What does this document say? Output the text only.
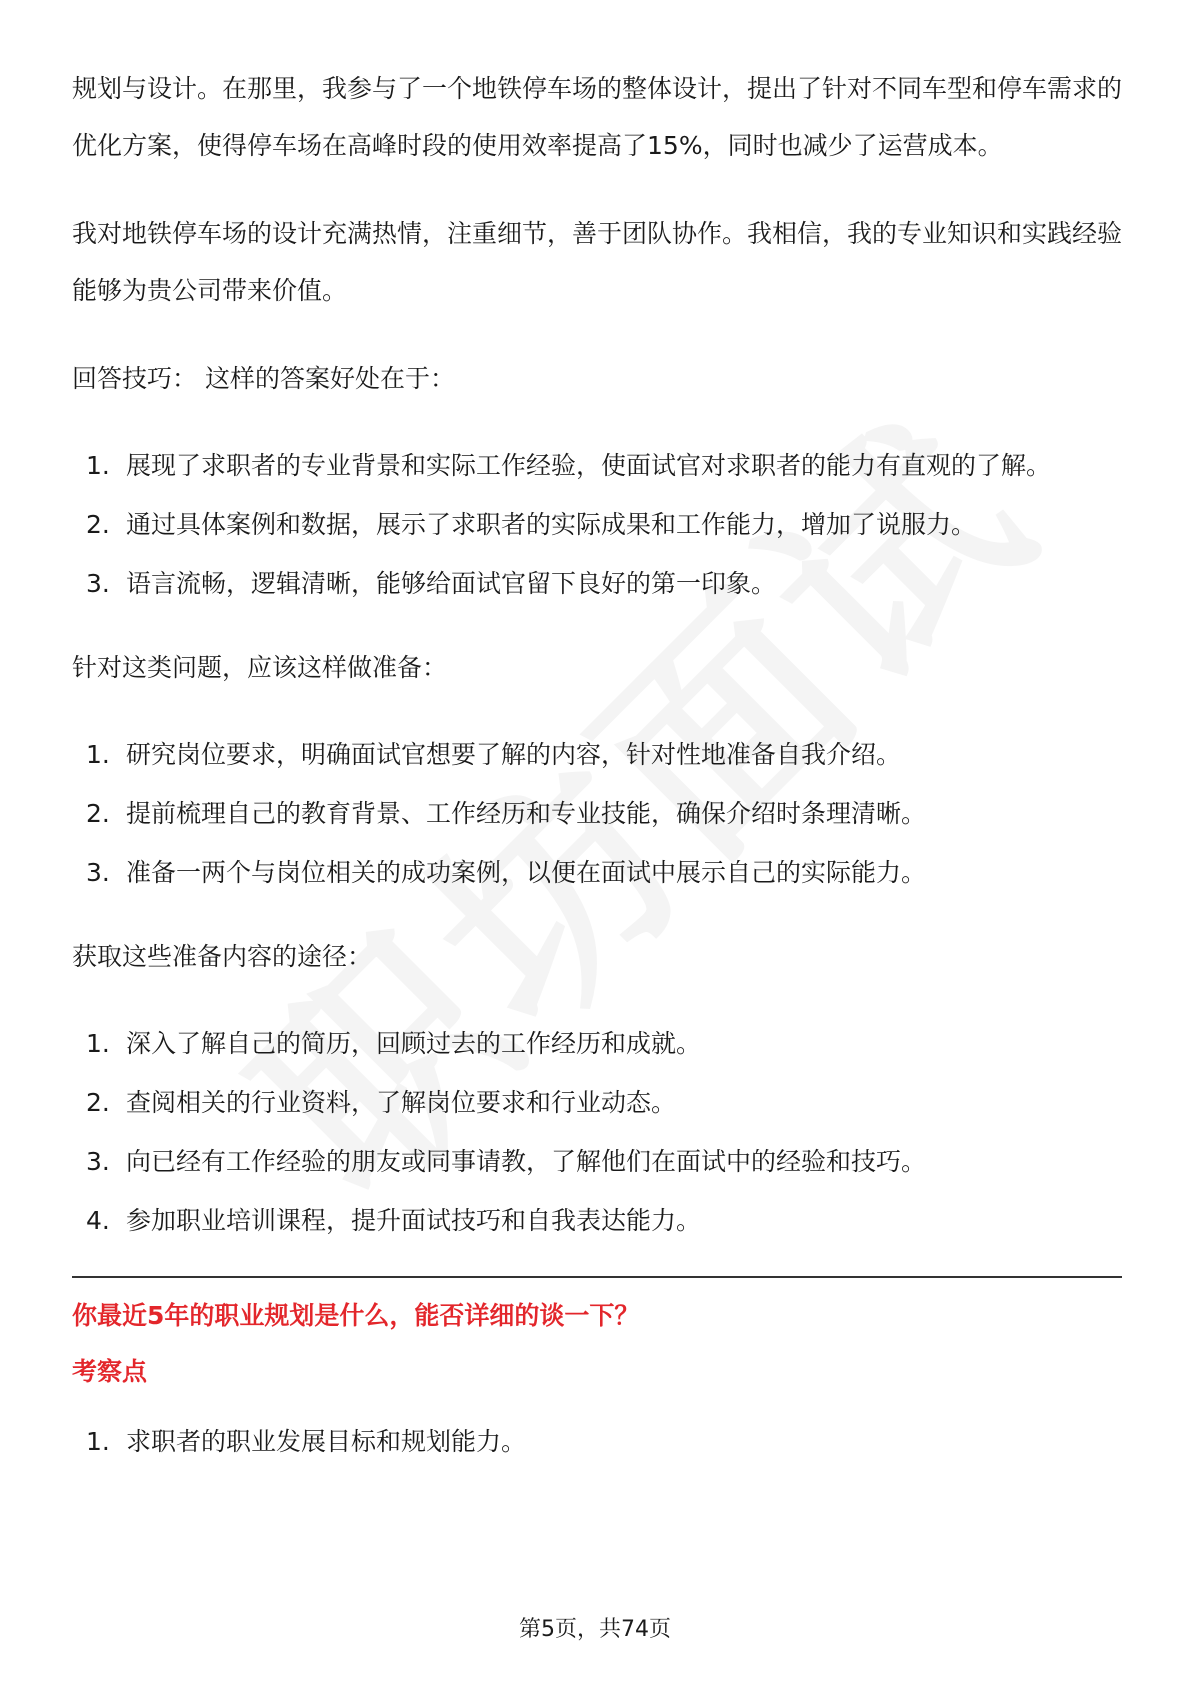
规划与设计。在那里，我参与了一个地铁停车场的整体设计，提出了针对不同车型和停车需求的优化方案，使得停车场在高峰时段的使用效率提高了15%，同时也减少了运营成本。

我对地铁停车场的设计充满热情，注重细节，善于团队协作。我相信，我的专业知识和实践经验能够为贵公司带来价值。

回答技巧： 这样的答案好处在于：

1. 展现了求职者的专业背景和实际工作经验，使面试官对求职者的能力有直观的了解。
2. 通过具体案例和数据，展示了求职者的实际成果和工作能力，增加了说服力。
3. 语言流畅，逻辑清晰，能够给面试官留下良好的第一印象。

针对这类问题，应该这样做准备：

1. 研究岗位要求，明确面试官想要了解的内容，针对性地准备自我介绍。
2. 提前梳理自己的教育背景、工作经历和专业技能，确保介绍时条理清晰。
3. 准备一两个与岗位相关的成功案例，以便在面试中展示自己的实际能力。

获取这些准备内容的途径：

1. 深入了解自己的简历，回顾过去的工作经历和成就。
2. 查阅相关的行业资料，了解岗位要求和行业动态。
3. 向已经有工作经验的朋友或同事请教，了解他们在面试中的经验和技巧。
4. 参加职业培训课程，提升面试技巧和自我表达能力。

你最近5年的职业规划是什么，能否详细的谈一下？

考察点

1. 求职者的职业发展目标和规划能力。
第5页，共74页
